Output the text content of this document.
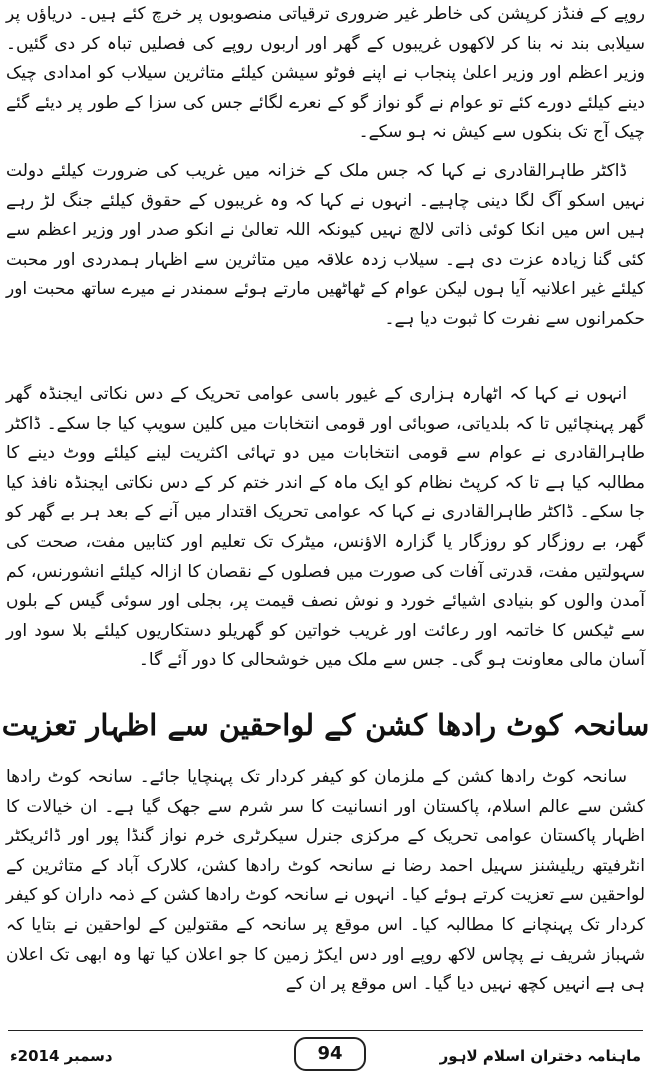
روپے کے فنڈز کرپشن کی خاطر غیر ضروری ترقیاتی منصوبوں پر خرچ کئے ہیں۔ دریاؤں پر سیلابی بند نہ بنا کر لاکھوں غریبوں کے گھر اور اربوں روپے کی فصلیں تباہ کر دی گئیں۔ وزیر اعظم اور وزیر اعلیٰ پنجاب نے اپنے فوٹو سیشن کیلئے متاثرین سیلاب کو امدادی چیک دینے کیلئے دورے کئے تو عوام نے گو نواز گو کے نعرے لگائے جس کی سزا کے طور پر دیئے گئے چیک آج تک بنکوں سے کیش نہ ہو سکے۔

ڈاکٹر طاہرالقادری نے کہا کہ جس ملک کے خزانہ میں غریب کی ضرورت کیلئے دولت نہیں اسکو آگ لگا دینی چاہیے۔ انہوں نے کہا کہ وہ غریبوں کے حقوق کیلئے جنگ لڑ رہے ہیں اس میں انکا کوئی ذاتی لالچ نہیں کیونکہ اللہ تعالیٰ نے انکو صدر اور وزیر اعظم سے کئی گنا زیادہ عزت دی ہے۔ سیلاب زدہ علاقہ میں متاثرین سے اظہار ہمدردی اور محبت کیلئے غیر اعلانیہ آیا ہوں لیکن عوام کے ٹھاٹھیں مارتے ہوئے سمندر نے میرے ساتھ محبت اور حکمرانوں سے نفرت کا ثبوت دیا ہے۔

انہوں نے کہا کہ اٹھارہ ہزاری کے غیور باسی عوامی تحریک کے دس نکاتی ایجنڈہ گھر گھر پہنچائیں تا کہ بلدیاتی، صوبائی اور قومی انتخابات میں کلین سویپ کیا جا سکے۔ ڈاکٹر طاہرالقادری نے عوام سے قومی انتخابات میں دو تہائی اکثریت لینے کیلئے ووٹ دینے کا مطالبہ کیا ہے تا کہ کرپٹ نظام کو ایک ماہ کے اندر ختم کر کے دس نکاتی ایجنڈہ نافذ کیا جا سکے۔ ڈاکٹر طاہرالقادری نے کہا کہ عوامی تحریک اقتدار میں آنے کے بعد ہر بے گھر کو گھر، بے روزگار کو روزگار یا گزارہ الاؤنس، میٹرک تک تعلیم اور کتابیں مفت، صحت کی سہولتیں مفت، قدرتی آفات کی صورت میں فصلوں کے نقصان کا ازالہ کیلئے انشورنس، کم آمدن والوں کو بنیادی اشیائے خورد و نوش نصف قیمت پر، بجلی اور سوئی گیس کے بلوں سے ٹیکس کا خاتمہ اور رعائت اور غریب خواتین کو گھریلو دستکاریوں کیلئے بلا سود اور آسان مالی معاونت ہو گی۔ جس سے ملک میں خوشحالی کا دور آئے گا۔

سانحہ کوٹ رادھا کشن کے لواحقین سے اظہار تعزیت

سانحہ کوٹ رادھا کشن کے ملزمان کو کیفر کردار تک پہنچایا جائے۔ سانحہ کوٹ رادھا کشن سے عالم اسلام، پاکستان اور انسانیت کا سر شرم سے جھک گیا ہے۔ ان خیالات کا اظہار پاکستان عوامی تحریک کے مرکزی جنرل سیکرٹری خرم نواز گنڈا پور اور ڈائریکٹر انٹرفیتھ ریلیشنز سہیل احمد رضا نے سانحہ کوٹ رادھا کشن، کلارک آباد کے متاثرین کے لواحقین سے تعزیت کرتے ہوئے کیا۔ انہوں نے سانحہ کوٹ رادھا کشن کے ذمہ داران کو کیفر کردار تک پہنچانے کا مطالبہ کیا۔ اس موقع پر سانحہ کے مقتولین کے لواحقین نے بتایا کہ شہباز شریف نے پچاس لاکھ روپے اور دس ایکڑ زمین کا جو اعلان کیا تھا وہ ابھی تک اعلان ہی ہے انہیں کچھ نہیں دیا گیا۔ اس موقع پر ان کے

دسمبر 2014ء	94	ماہنامہ دختران اسلام لاہور
